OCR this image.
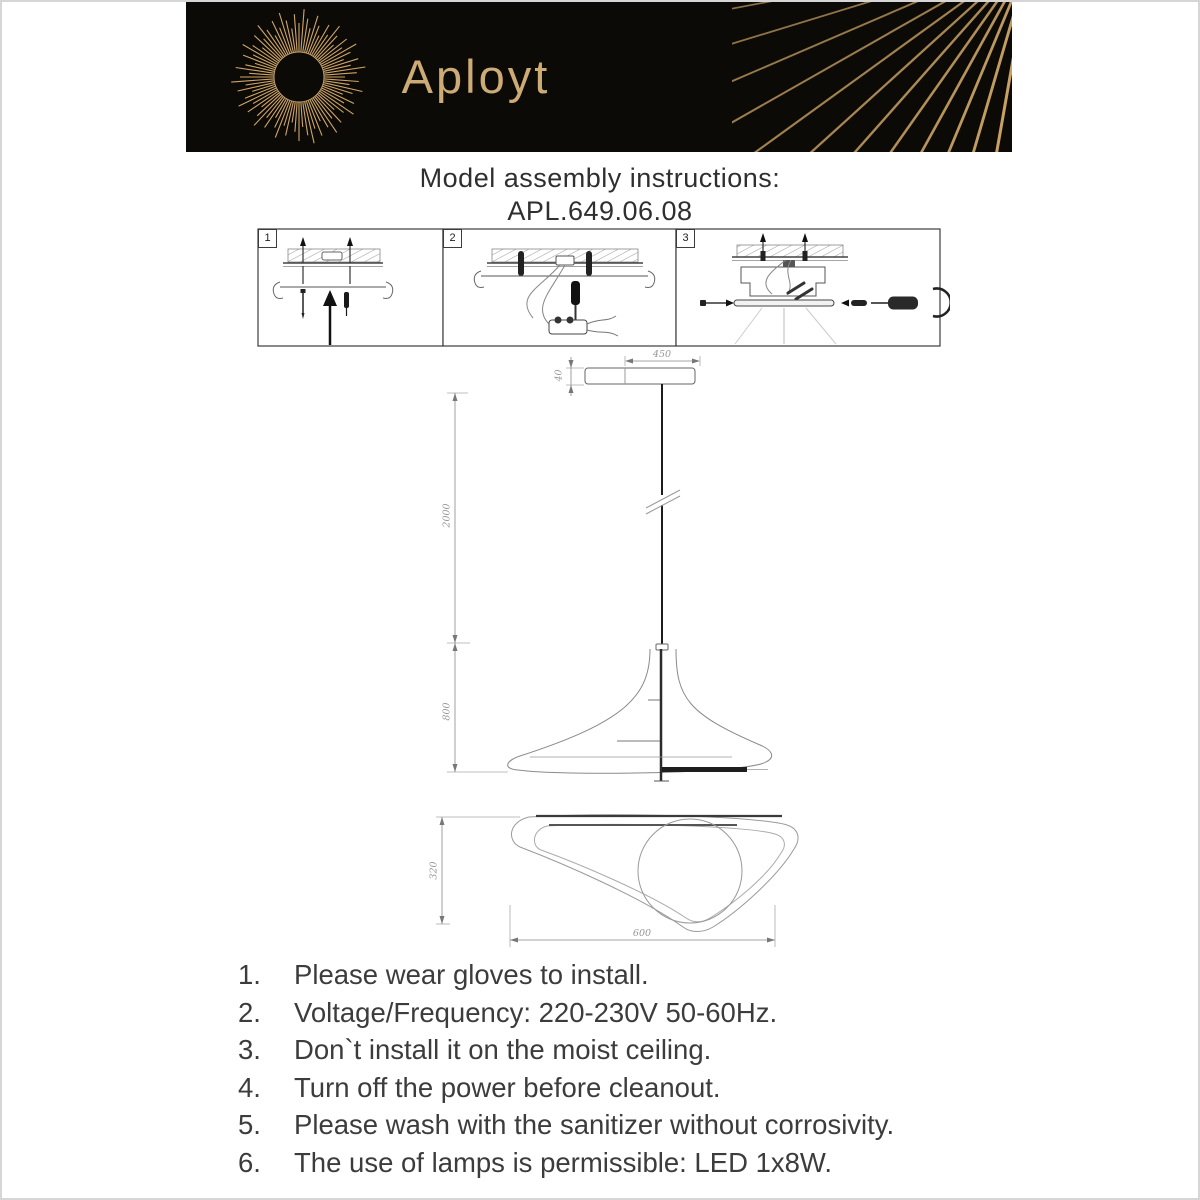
Aployt
Model assembly instructions:
APL.649.06.08
1	2	3
450
40
2000
800
320
600
1.	Please wear gloves to install.
2.	Voltage/Frequency: 220-230V 50-60Hz.
3.	Don`t install it on the moist ceiling.
4.	Turn off the power before cleanout.
5.	Please wash with the sanitizer without corrosivity.
6.	The use of lamps is permissible: LED 1x8W.
